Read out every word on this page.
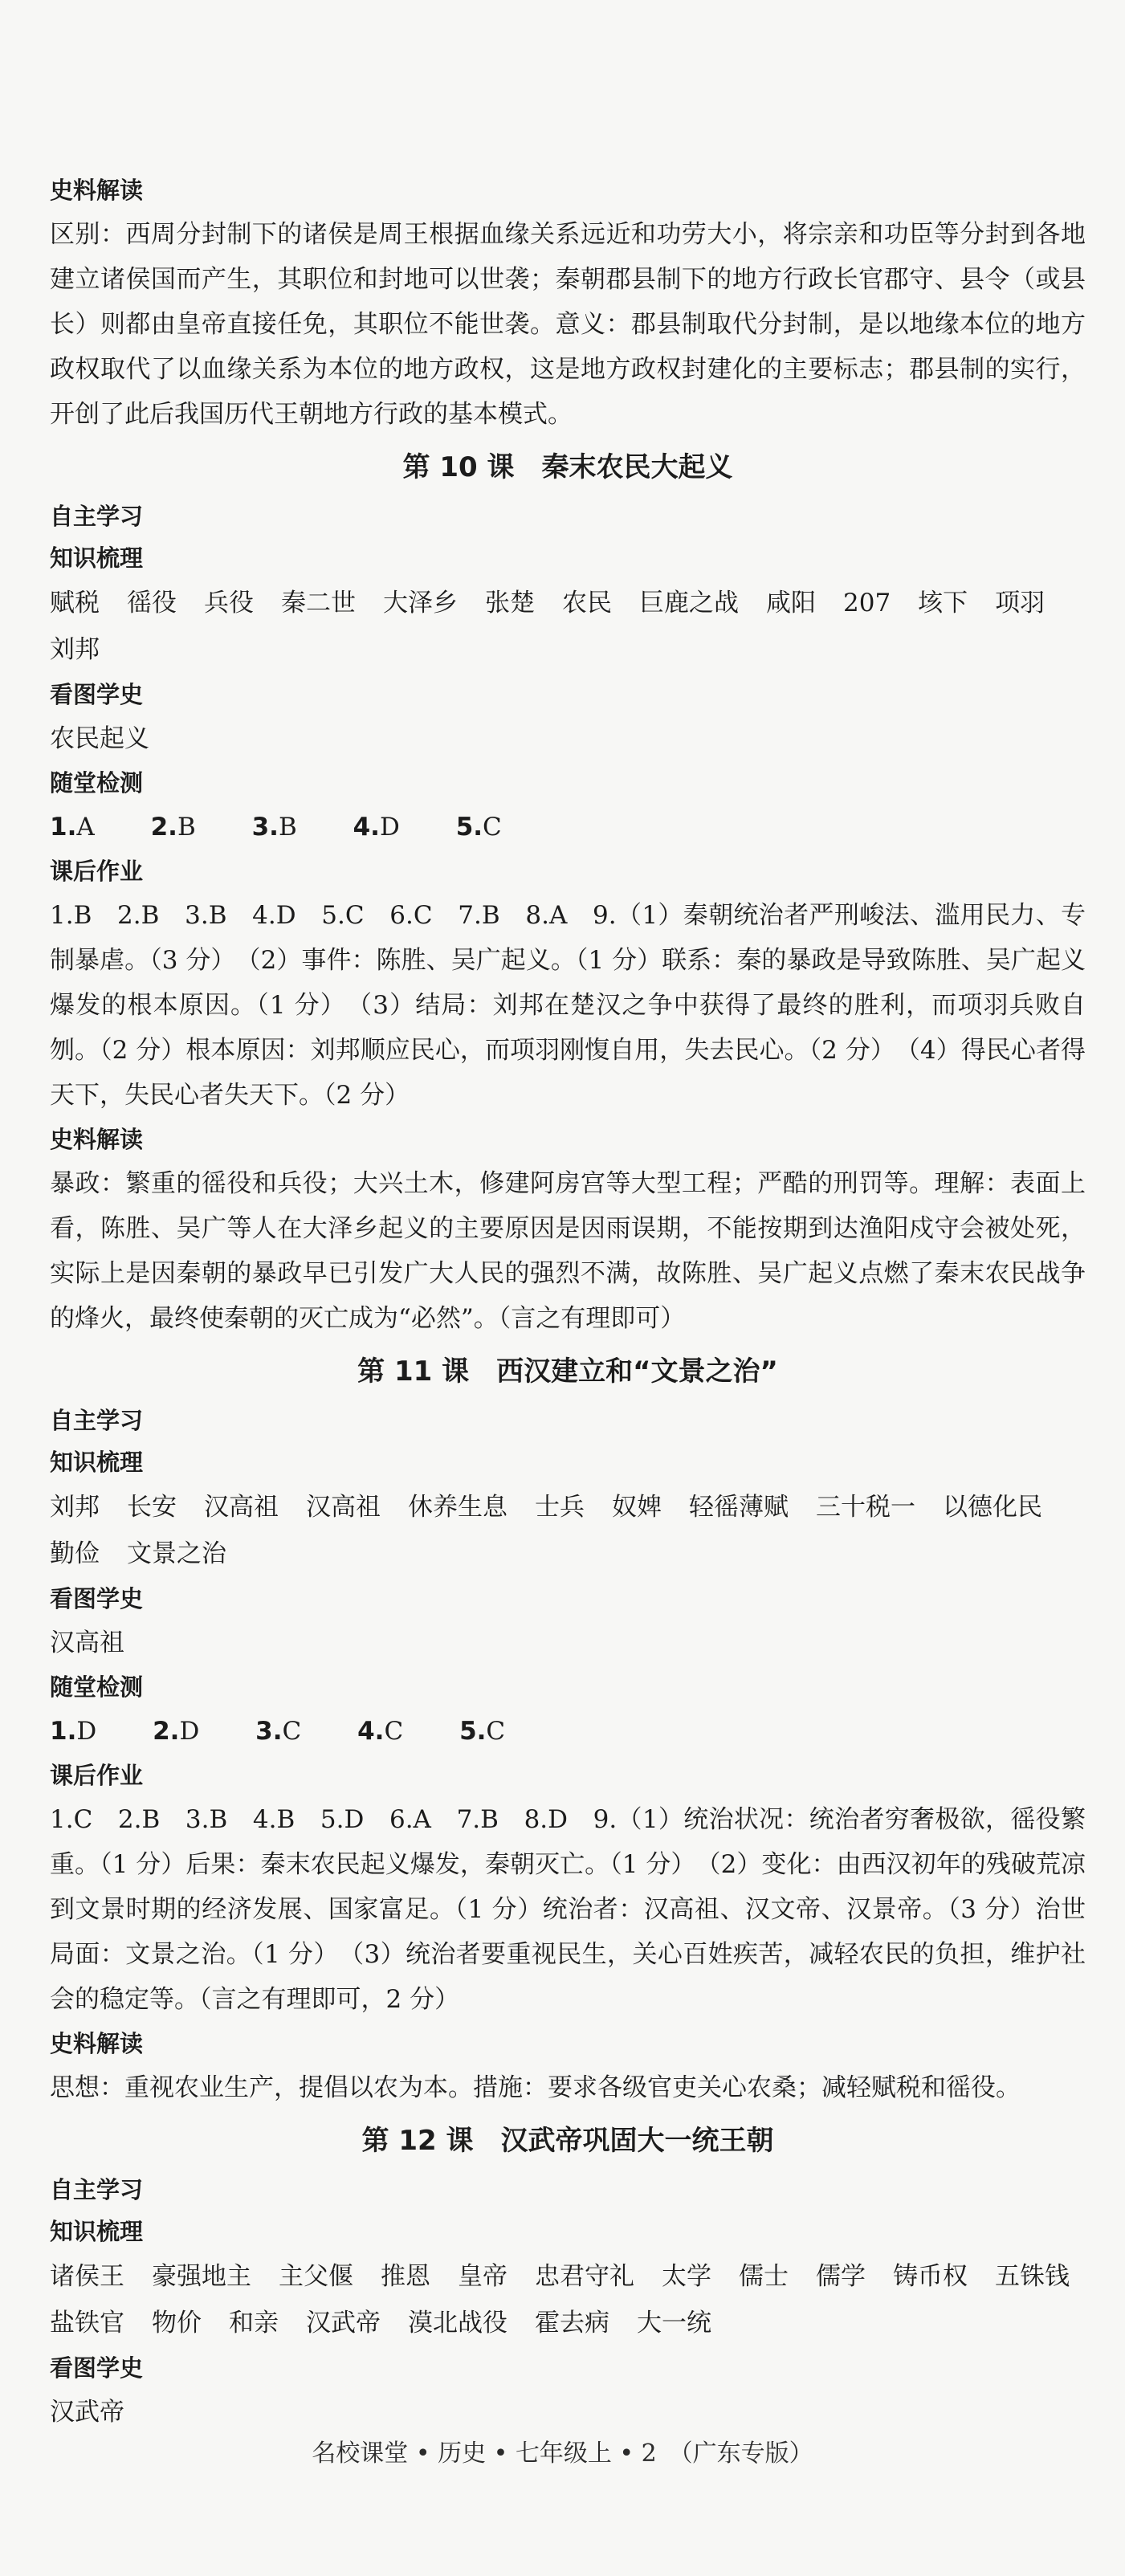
史料解读

区别：西周分封制下的诸侯是周王根据血缘关系远近和功劳大小，将宗亲和功臣等分封到各地建立诸侯国而产生，其职位和封地可以世袭；秦朝郡县制下的地方行政长官郡守、县令（或县长）则都由皇帝直接任免，其职位不能世袭。意义：郡县制取代分封制，是以地缘本位的地方政权取代了以血缘关系为本位的地方政权，这是地方政权封建化的主要标志；郡县制的实行，开创了此后我国历代王朝地方行政的基本模式。

第 10 课 秦末农民大起义
自主学习
知识梳理
赋税 徭役 兵役 秦二世 大泽乡 张楚 农民 巨鹿之战 咸阳 207 垓下 项羽
刘邦
看图学史

农民起义

随堂检测
1.A 2.B 3.B 4.D 5.C
课后作业

1.B　2.B　3.B　4.D　5.C　6.C　7.B　8.A　9.（1）秦朝统治者严刑峻法、滥用民力、专制暴虐。（3 分）　（2）事件：陈胜、吴广起义。（1 分）联系：秦的暴政是导致陈胜、吴广起义爆发的根本原因。（1 分）　（3）结局：刘邦在楚汉之争中获得了最终的胜利，而项羽兵败自刎。（2 分）根本原因：刘邦顺应民心，而项羽刚愎自用，失去民心。（2 分）　（4）得民心者得天下，失民心者失天下。（2 分）

史料解读

暴政：繁重的徭役和兵役；大兴土木，修建阿房宫等大型工程；严酷的刑罚等。理解：表面上看，陈胜、吴广等人在大泽乡起义的主要原因是因雨误期，不能按期到达渔阳戍守会被处死，实际上是因秦朝的暴政早已引发广大人民的强烈不满，故陈胜、吴广起义点燃了秦末农民战争的烽火，最终使秦朝的灭亡成为“必然”。（言之有理即可）

第 11 课 西汉建立和“文景之治”
自主学习
知识梳理
刘邦 长安 汉高祖 汉高祖 休养生息 士兵 奴婢 轻徭薄赋 三十税一 以德化民
勤俭 文景之治
看图学史

汉高祖

随堂检测
1.D 2.D 3.C 4.C 5.C
课后作业

1.C　2.B　3.B　4.B　5.D　6.A　7.B　8.D　9.（1）统治状况：统治者穷奢极欲，徭役繁重。（1 分）后果：秦末农民起义爆发，秦朝灭亡。（1 分）　（2）变化：由西汉初年的残破荒凉到文景时期的经济发展、国家富足。（1 分）统治者：汉高祖、汉文帝、汉景帝。（3 分）治世局面：文景之治。（1 分）　（3）统治者要重视民生，关心百姓疾苦，减轻农民的负担，维护社会的稳定等。（言之有理即可，2 分）

史料解读

思想：重视农业生产，提倡以农为本。措施：要求各级官吏关心农桑；减轻赋税和徭役。

第 12 课 汉武帝巩固大一统王朝
自主学习
知识梳理
诸侯王 豪强地主 主父偃 推恩 皇帝 忠君守礼 太学 儒士 儒学 铸币权 五铢钱
盐铁官 物价 和亲 汉武帝 漠北战役 霍去病 大一统
看图学史

汉武帝

名校课堂 • 历史 • 七年级上 • 2　（广东专版）
